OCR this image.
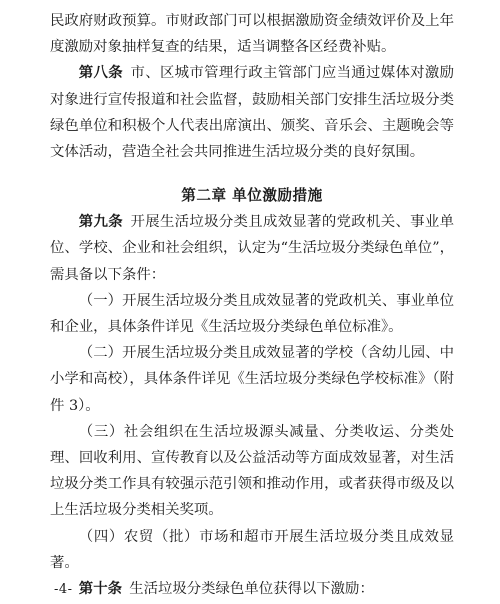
民政府财政预算。市财政部门可以根据激励资金绩效评价及上年度激励对象抽样复查的结果，适当调整各区经费补贴。

第八条  市、区城市管理行政主管部门应当通过媒体对激励对象进行宣传报道和社会监督，鼓励相关部门安排生活垃圾分类绿色单位和积极个人代表出席演出、颁奖、音乐会、主题晚会等文体活动，营造全社会共同推进生活垃圾分类的良好氛围。

第二章 单位激励措施

第九条  开展生活垃圾分类且成效显著的党政机关、事业单位、学校、企业和社会组织，认定为“生活垃圾分类绿色单位”，需具备以下条件：

（一）开展生活垃圾分类且成效显著的党政机关、事业单位和企业，具体条件详见《生活垃圾分类绿色单位标准》。

（二）开展生活垃圾分类且成效显著的学校（含幼儿园、中小学和高校），具体条件详见《生活垃圾分类绿色学校标准》（附件 3）。

（三）社会组织在生活垃圾源头减量、分类收运、分类处理、回收利用、宣传教育以及公益活动等方面成效显著，对生活垃圾分类工作具有较强示范引领和推动作用，或者获得市级及以上生活垃圾分类相关奖项。

（四）农贸（批）市场和超市开展生活垃圾分类且成效显著。

第十条  生活垃圾分类绿色单位获得以下激励：

-4-
